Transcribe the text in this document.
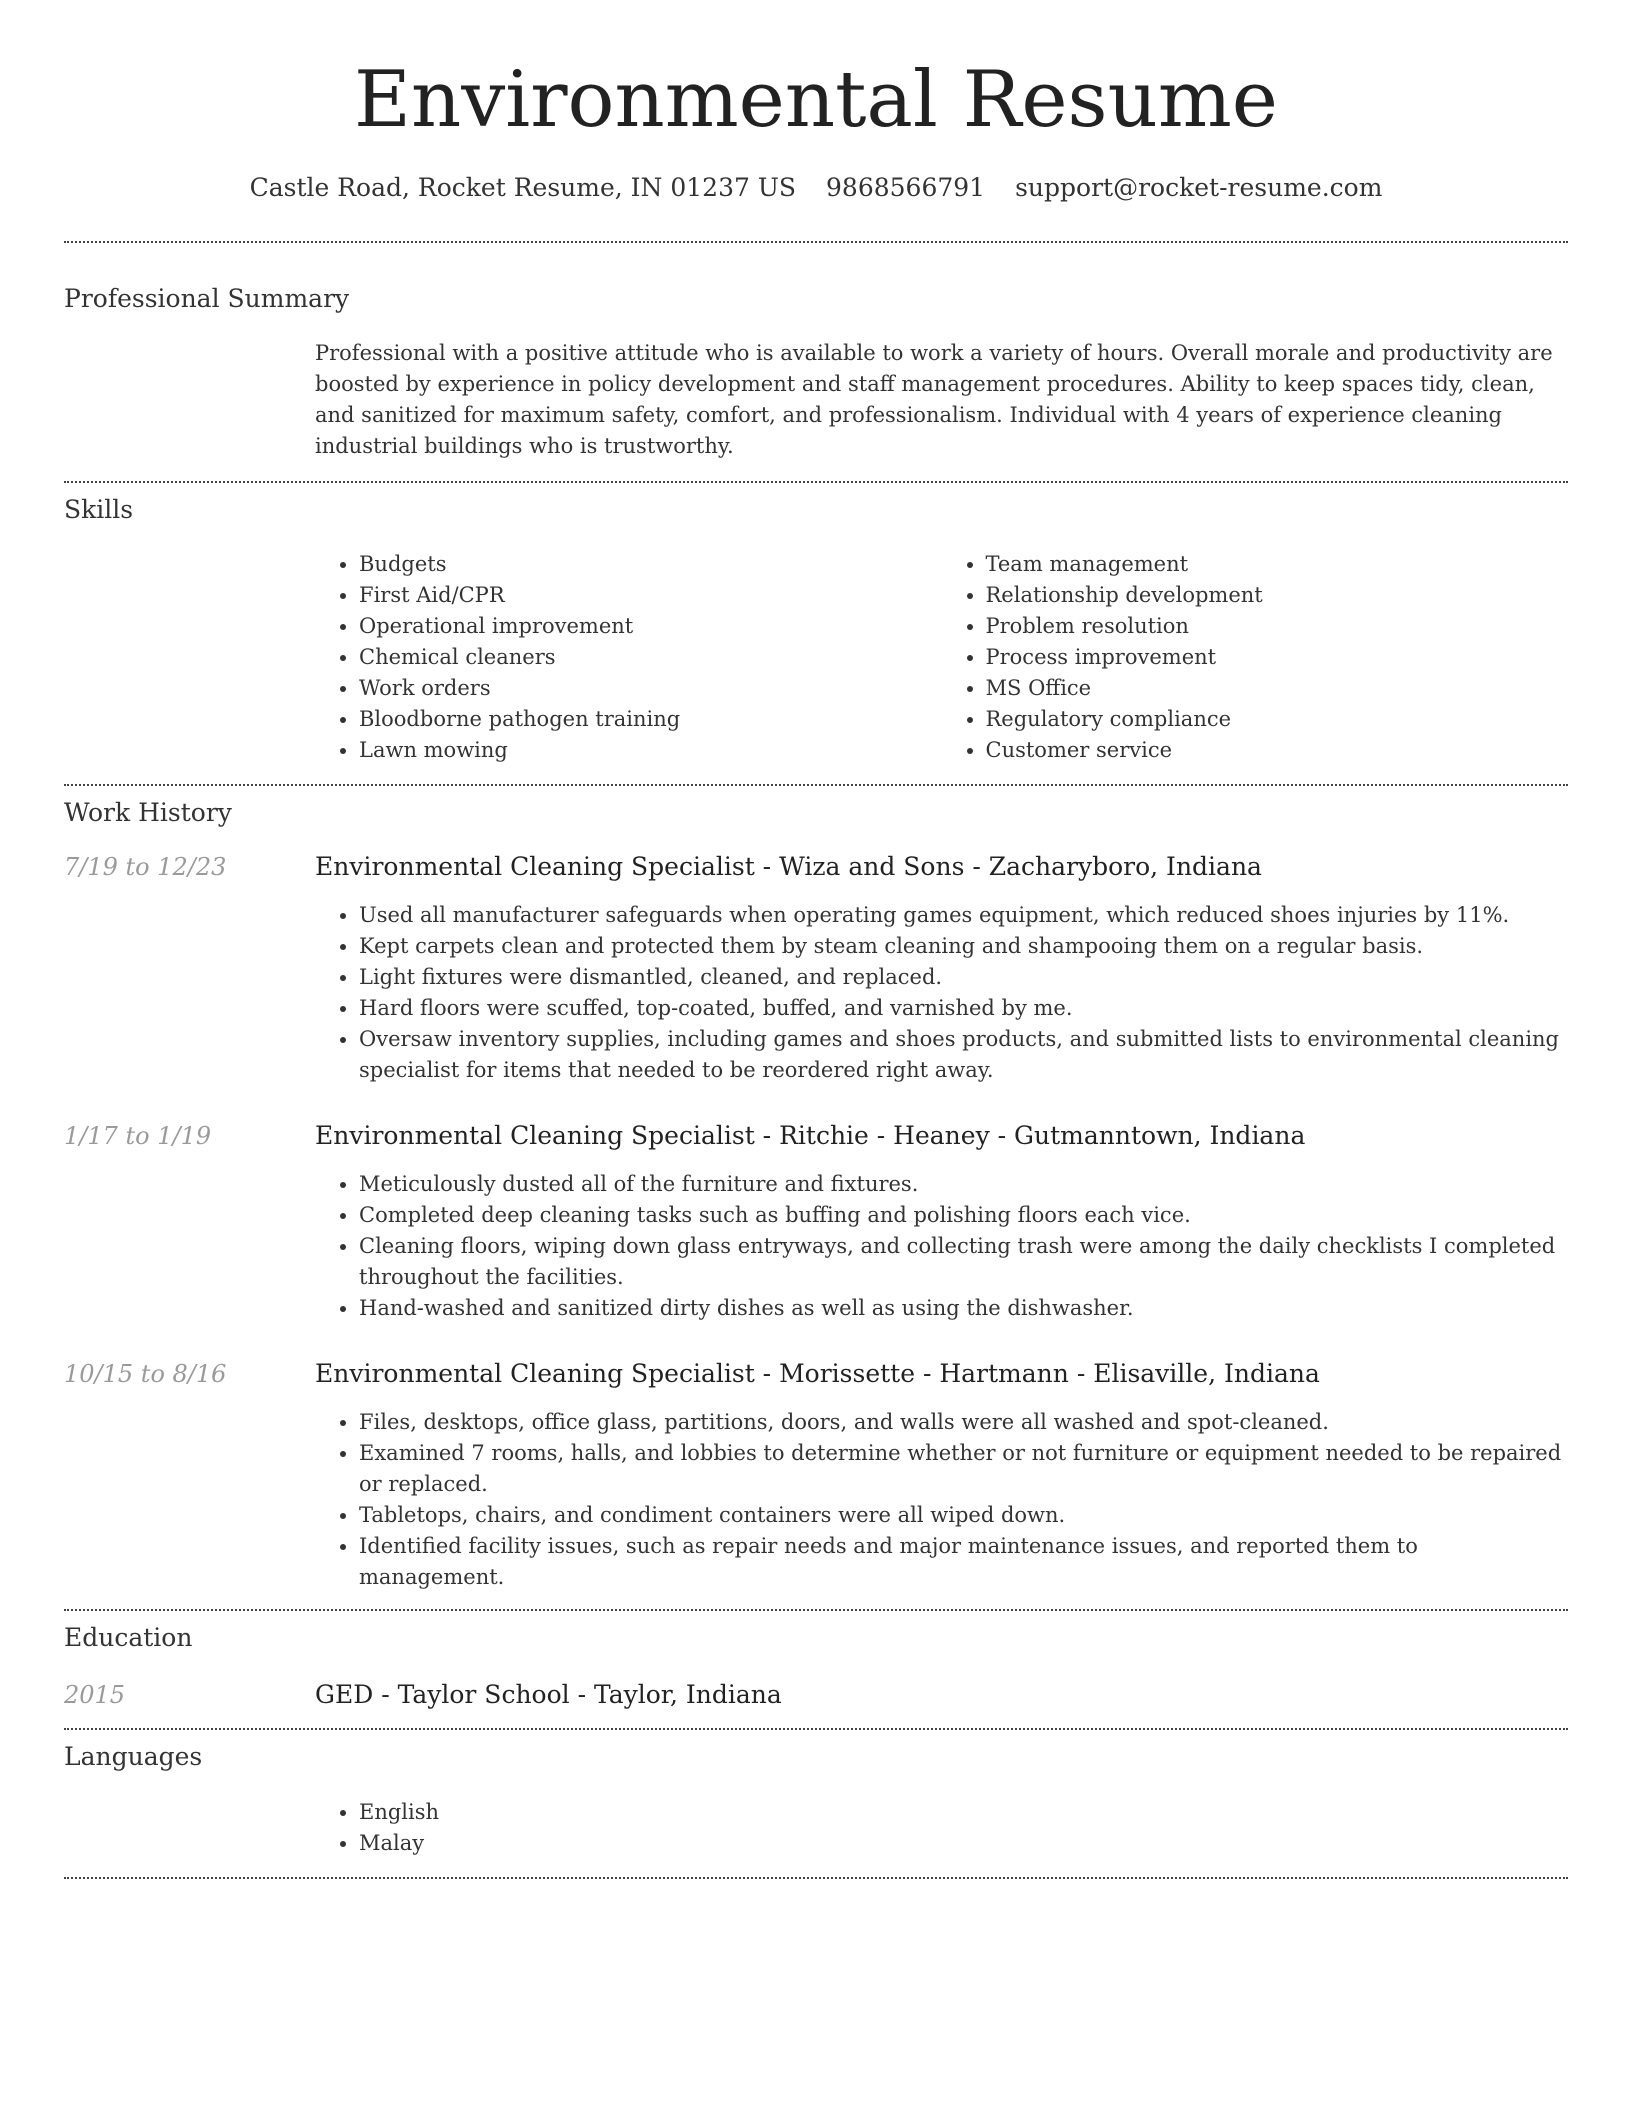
Environmental Resume
Castle Road, Rocket Resume, IN 01237 US 9868566791 support@rocket-resume.com
Professional Summary
Professional with a positive attitude who is available to work a variety of hours. Overall morale and productivity are boosted by experience in policy development and staff management procedures. Ability to keep spaces tidy, clean, and sanitized for maximum safety, comfort, and professionalism. Individual with 4 years of experience cleaning industrial buildings who is trustworthy.
Skills
• Budgets
• First Aid/CPR
• Operational improvement
• Chemical cleaners
• Work orders
• Bloodborne pathogen training
• Lawn mowing
• Team management
• Relationship development
• Problem resolution
• Process improvement
• MS Office
• Regulatory compliance
• Customer service
Work History
7/19 to 12/23	Environmental Cleaning Specialist - Wiza and Sons - Zacharyboro, Indiana
• Used all manufacturer safeguards when operating games equipment, which reduced shoes injuries by 11%.
• Kept carpets clean and protected them by steam cleaning and shampooing them on a regular basis.
• Light fixtures were dismantled, cleaned, and replaced.
• Hard floors were scuffed, top-coated, buffed, and varnished by me.
• Oversaw inventory supplies, including games and shoes products, and submitted lists to environmental cleaning specialist for items that needed to be reordered right away.
1/17 to 1/19	Environmental Cleaning Specialist - Ritchie - Heaney - Gutmanntown, Indiana
• Meticulously dusted all of the furniture and fixtures.
• Completed deep cleaning tasks such as buffing and polishing floors each vice.
• Cleaning floors, wiping down glass entryways, and collecting trash were among the daily checklists I completed throughout the facilities.
• Hand-washed and sanitized dirty dishes as well as using the dishwasher.
10/15 to 8/16	Environmental Cleaning Specialist - Morissette - Hartmann - Elisaville, Indiana
• Files, desktops, office glass, partitions, doors, and walls were all washed and spot-cleaned.
• Examined 7 rooms, halls, and lobbies to determine whether or not furniture or equipment needed to be repaired or replaced.
• Tabletops, chairs, and condiment containers were all wiped down.
• Identified facility issues, such as repair needs and major maintenance issues, and reported them to management.
Education
2015	GED - Taylor School - Taylor, Indiana
Languages
• English
• Malay
